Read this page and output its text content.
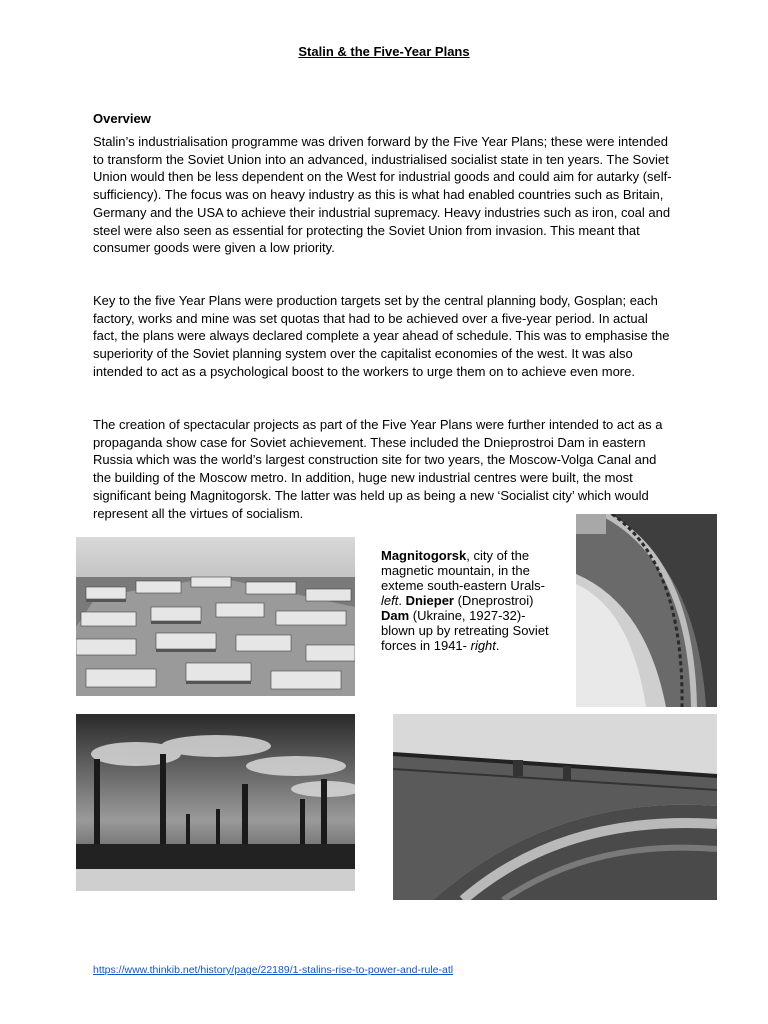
Stalin & the Five-Year Plans
Overview

Stalin’s industrialisation programme was driven forward by the Five Year Plans; these were intended to transform the Soviet Union into an advanced, industrialised socialist state in ten years. The Soviet Union would then be less dependent on the West for industrial goods and could aim for autarky (self-sufficiency). The focus was on heavy industry as this is what had enabled countries such as Britain, Germany and the USA to achieve their industrial supremacy. Heavy industries such as iron, coal and steel were also seen as essential for protecting the Soviet Union from invasion. This meant that consumer goods were given a low priority.

Key to the five Year Plans were production targets set by the central planning body, Gosplan; each factory, works and mine was set quotas that had to be achieved over a five-year period. In actual fact, the plans were always declared complete a year ahead of schedule. This was to emphasise the superiority of the Soviet planning system over the capitalist economies of the west. It was also intended to act as a psychological boost to the workers to urge them on to achieve even more.

The creation of spectacular projects as part of the Five Year Plans were further intended to act as a propaganda show case for Soviet achievement. These included the Dnieprostroi Dam in eastern Russia which was the world’s largest construction site for two years, the Moscow-Volga Canal and the building of the Moscow metro. In addition, huge new industrial centres were built, the most significant being Magnitogorsk. The latter was held up as being a new ‘Socialist city’ which would represent all the virtues of socialism.

Magnitogorsk, city of the magnetic mountain, in the exteme south-eastern Urals- left. Dnieper (Dneprostroi) Dam (Ukraine, 1927-32)- blown up by retreating Soviet forces in 1941- right.

https://www.thinkib.net/history/page/22189/1-stalins-rise-to-power-and-rule-atl
